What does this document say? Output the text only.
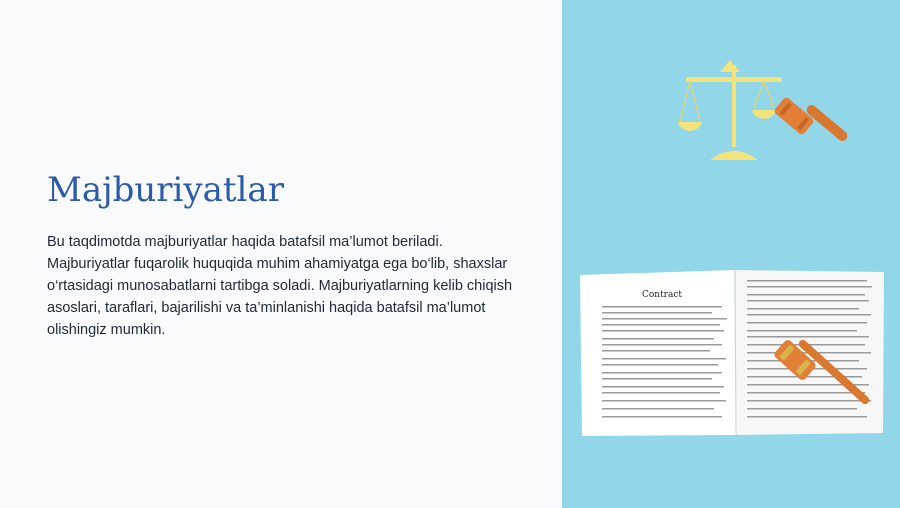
Majburiyatlar

Bu taqdimotda majburiyatlar haqida batafsil ma’lumot beriladi. Majburiyatlar fuqarolik huquqida muhim ahamiyatga ega bo‘lib, shaxslar o‘rtasidagi munosabatlarni tartibga soladi. Majburiyatlarning kelib chiqish asoslari, taraflari, bajarilishi va ta’minlanishi haqida batafsil ma’lumot olishingiz mumkin.

Contract
